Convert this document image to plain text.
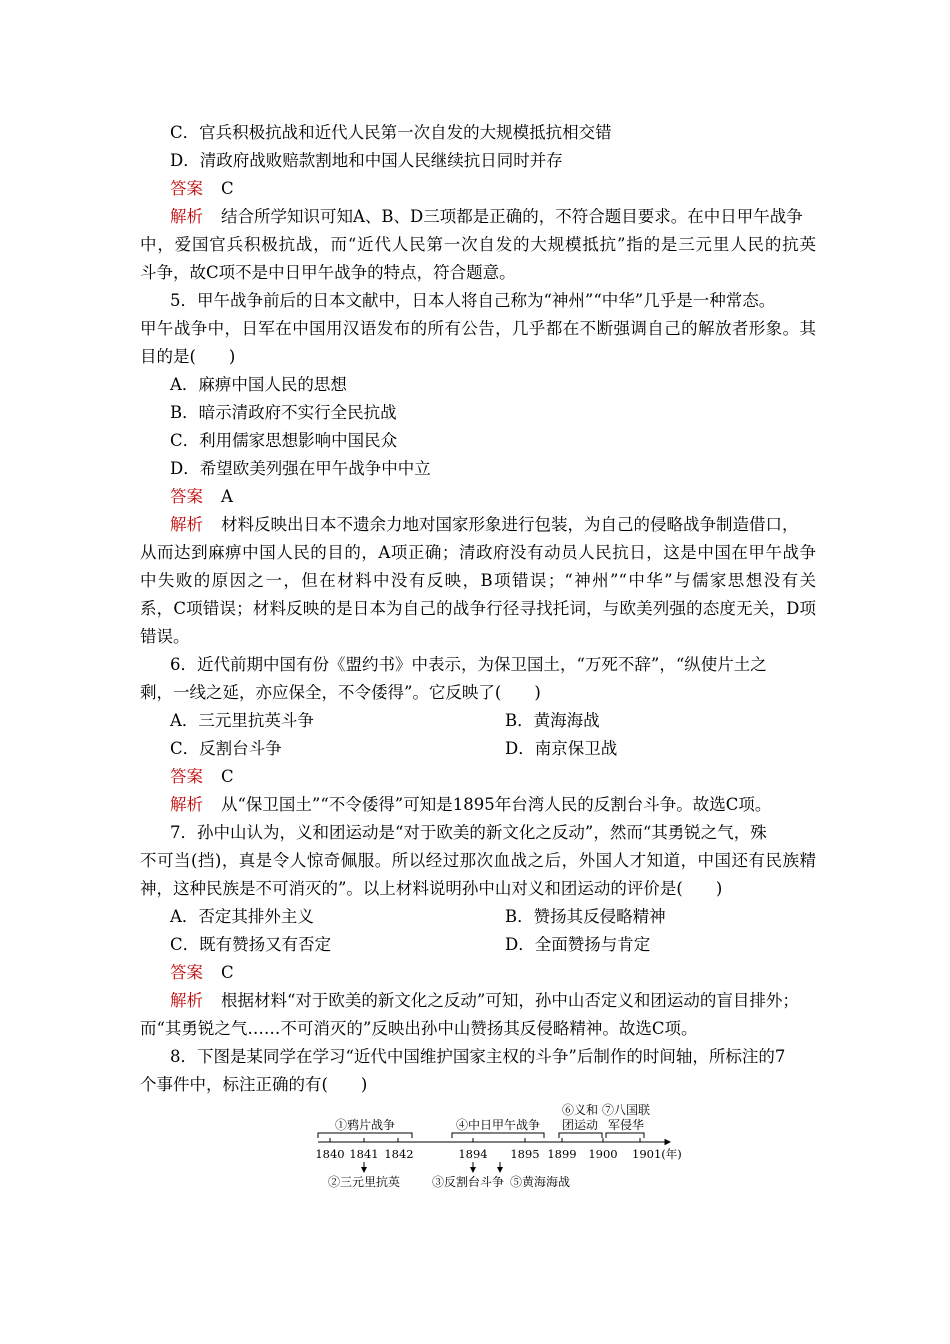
C．官兵积极抗战和近代人民第一次自发的大规模抵抗相交错
D．清政府战败赔款割地和中国人民继续抗日同时并存
答案 C
解析 结合所学知识可知A、B、D三项都是正确的，不符合题目要求。在中日甲午战争
中，爱国官兵积极抗战，而“近代人民第一次自发的大规模抵抗”指的是三元里人民的抗英
斗争，故C项不是中日甲午战争的特点，符合题意。
5．甲午战争前后的日本文献中，日本人将自己称为“神州”“中华”几乎是一种常态。
甲午战争中，日军在中国用汉语发布的所有公告，几乎都在不断强调自己的解放者形象。其
目的是(　　)
A．麻痹中国人民的思想
B．暗示清政府不实行全民抗战
C．利用儒家思想影响中国民众
D．希望欧美列强在甲午战争中中立
答案 A
解析 材料反映出日本不遗余力地对国家形象进行包装，为自己的侵略战争制造借口，
从而达到麻痹中国人民的目的，A项正确；清政府没有动员人民抗日，这是中国在甲午战争
中失败的原因之一，但在材料中没有反映，B项错误；“神州”“中华”与儒家思想没有关
系，C项错误；材料反映的是日本为自己的战争行径寻找托词，与欧美列强的态度无关，D项
错误。
6．近代前期中国有份《盟约书》中表示，为保卫国土，“万死不辞”，“纵使片土之
剩，一线之延，亦应保全，不令倭得”。它反映了(　　)
A．三元里抗英斗争	B．黄海海战
C．反割台斗争	D．南京保卫战
答案 C
解析 从“保卫国土”“不令倭得”可知是1895年台湾人民的反割台斗争。故选C项。
7．孙中山认为，义和团运动是“对于欧美的新文化之反动”，然而“其勇锐之气，殊
不可当(挡)，真是令人惊奇佩服。所以经过那次血战之后，外国人才知道，中国还有民族精
神，这种民族是不可消灭的”。以上材料说明孙中山对义和团运动的评价是(　　)
A．否定其排外主义	B．赞扬其反侵略精神
C．既有赞扬又有否定	D．全面赞扬与肯定
答案 C
解析 根据材料“对于欧美的新文化之反动”可知，孙中山否定义和团运动的盲目排外；
而“其勇锐之气……不可消灭的”反映出孙中山赞扬其反侵略精神。故选C项。
8．下图是某同学在学习“近代中国维护国家主权的斗争”后制作的时间轴，所标注的7
个事件中，标注正确的有(　　)
①鸦片战争	④中日甲午战争
⑥义和
团运动
⑦八国联
军侵华
1840 1841 1842	1894 1895 1899 1900 1901(年)
②三元里抗英	③反割台斗争 ⑤黄海海战
